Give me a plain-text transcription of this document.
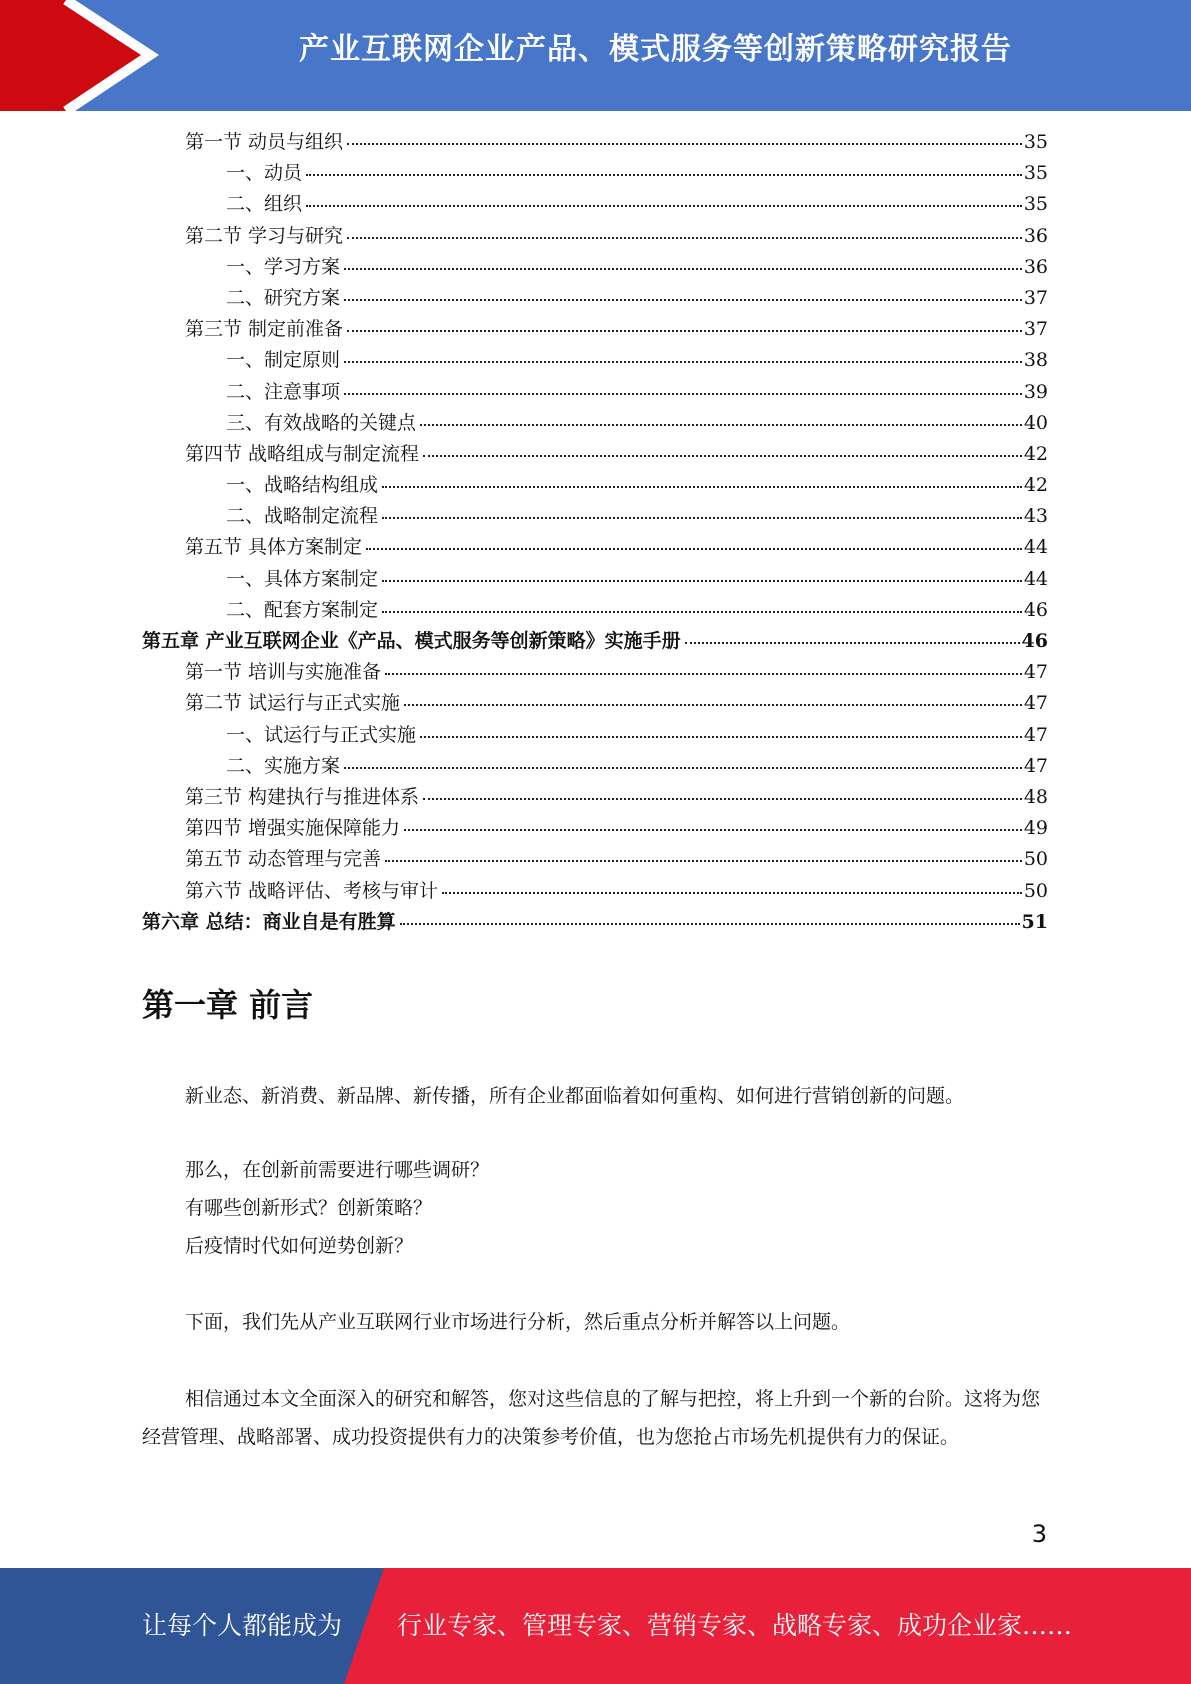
产业互联网企业产品、模式服务等创新策略研究报告
第一节 动员与组织	35
一、动员	35
二、组织	35
第二节 学习与研究	36
一、学习方案	36
二、研究方案	37
第三节 制定前准备	37
一、制定原则	38
二、注意事项	39
三、有效战略的关键点	40
第四节 战略组成与制定流程	42
一、战略结构组成	42
二、战略制定流程	43
第五节 具体方案制定	44
一、具体方案制定	44
二、配套方案制定	46
第五章 产业互联网企业《产品、模式服务等创新策略》实施手册	46
第一节 培训与实施准备	47
第二节 试运行与正式实施	47
一、试运行与正式实施	47
二、实施方案	47
第三节 构建执行与推进体系	48
第四节 增强实施保障能力	49
第五节 动态管理与完善	50
第六节 战略评估、考核与审计	50
第六章 总结：商业自是有胜算	51
第一章 前言

新业态、新消费、新品牌、新传播，所有企业都面临着如何重构、如何进行营销创新的问题。

那么，在创新前需要进行哪些调研？

有哪些创新形式？创新策略？

后疫情时代如何逆势创新？

下面，我们先从产业互联网行业市场进行分析，然后重点分析并解答以上问题。

相信通过本文全面深入的研究和解答，您对这些信息的了解与把控，将上升到一个新的台阶。这将为您经营管理、战略部署、成功投资提供有力的决策参考价值，也为您抢占市场先机提供有力的保证。

3
让每个人都能成为 行业专家、管理专家、营销专家、战略专家、成功企业家……
